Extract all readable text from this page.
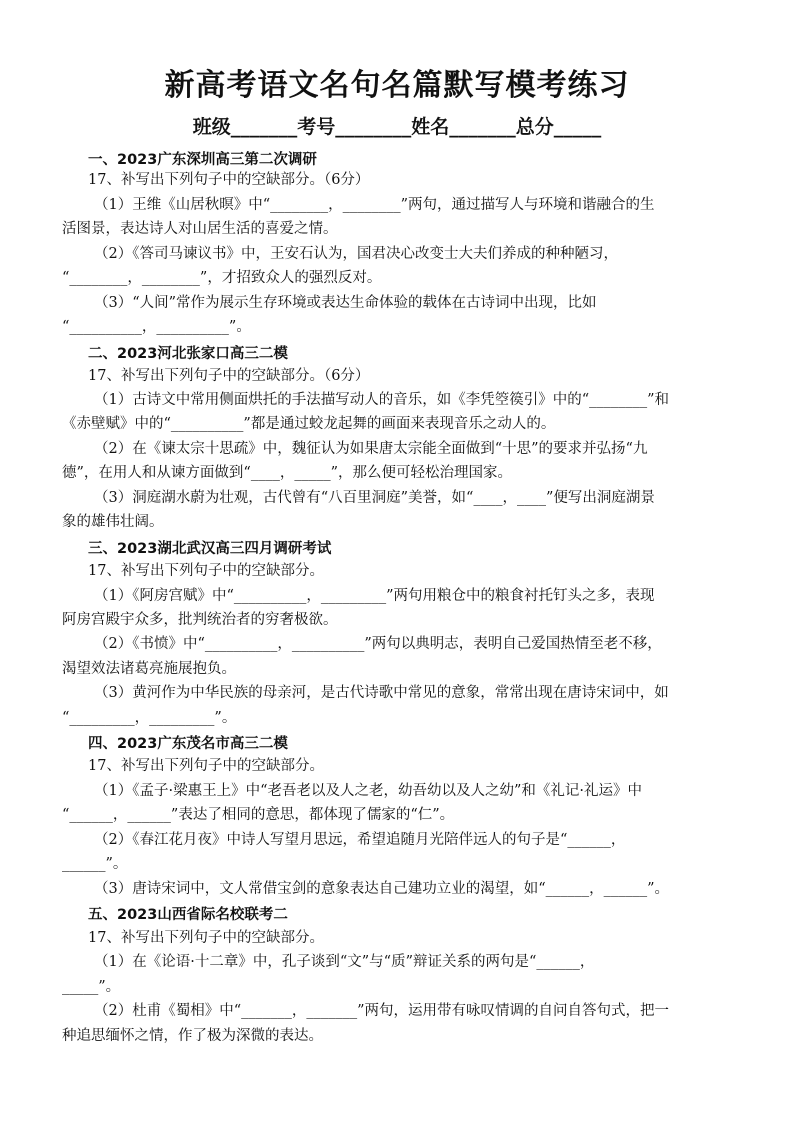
新高考语文名句名篇默写模考练习
班级_______考号________姓名_______总分_____
一、2023广东深圳高三第二次调研
17、补写出下列句子中的空缺部分。（6分）
（1）王维《山居秋暝》中“________，________”两句，通过描写人与环境和谐融合的生
活图景，表达诗人对山居生活的喜爱之情。
（2）《答司马谏议书》中，王安石认为，国君决心改变士大夫们养成的种种陋习，
“________，________”，才招致众人的强烈反对。
（3）“人间”常作为展示生存环境或表达生命体验的载体在古诗词中出现，比如
“__________，__________”。
二、2023河北张家口高三二模
17、补写出下列句子中的空缺部分。（6分）
（1）古诗文中常用侧面烘托的手法描写动人的音乐，如《李凭箜篌引》中的“________”和
《赤壁赋》中的“__________”都是通过蛟龙起舞的画面来表现音乐之动人的。
（2）在《谏太宗十思疏》中，魏征认为如果唐太宗能全面做到“十思”的要求并弘扬“九
德”，在用人和从谏方面做到“____，_____”，那么便可轻松治理国家。
（3）洞庭湖水蔚为壮观，古代曾有“八百里洞庭”美誉，如“____，____”便写出洞庭湖景
象的雄伟壮阔。
三、2023湖北武汉高三四月调研考试
17、补写出下列句子中的空缺部分。
（1）《阿房宫赋》中“__________，_________”两句用粮仓中的粮食衬托钉头之多，表现
阿房宫殿宇众多，批判统治者的穷奢极欲。
（2）《书愤》中“__________，__________”两句以典明志，表明自己爱国热情至老不移，
渴望效法诸葛亮施展抱负。
（3）黄河作为中华民族的母亲河，是古代诗歌中常见的意象，常常出现在唐诗宋词中，如
“_________，_________”。
四、2023广东茂名市高三二模
17、补写出下列句子中的空缺部分。
（1）《孟子·梁惠王上》中“老吾老以及人之老，幼吾幼以及人之幼”和《礼记·礼运》中
“______，______”表达了相同的意思，都体现了儒家的“仁”。
（2）《春江花月夜》中诗人写望月思远，希望追随月光陪伴远人的句子是“______，
______”。
（3）唐诗宋词中，文人常借宝剑的意象表达自己建功立业的渴望，如“______，______”。
五、2023山西省际名校联考二
17、补写出下列句子中的空缺部分。
（1）在《论语·十二章》中，孔子谈到“文”与“质”辩证关系的两句是“______，
_____”。
（2）杜甫《蜀相》中“_______，_______”两句，运用带有咏叹情调的自问自答句式，把一
种追思缅怀之情，作了极为深微的表达。
